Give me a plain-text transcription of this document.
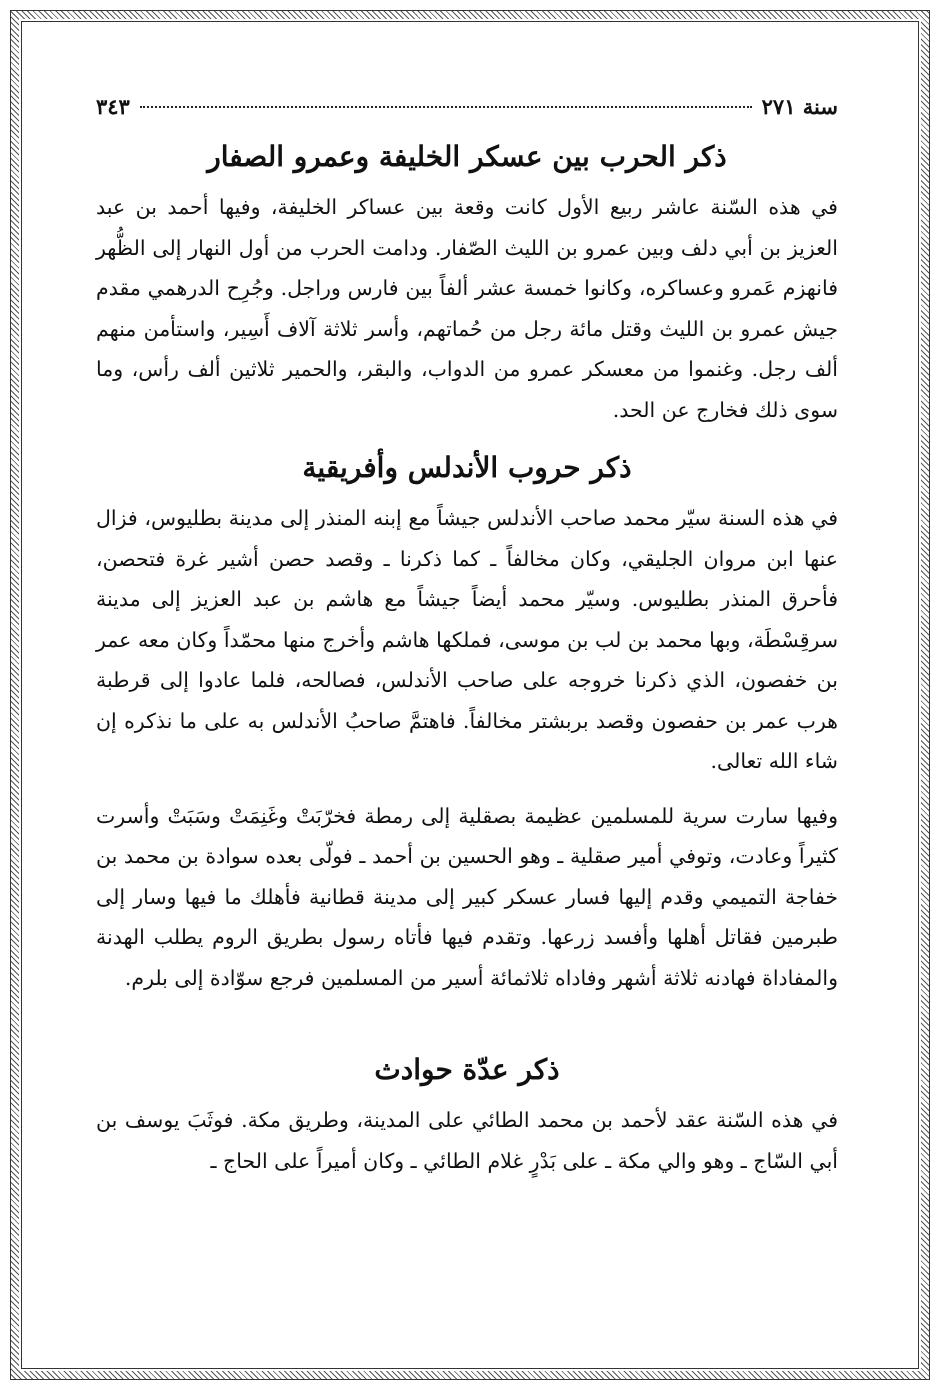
سنة ٢٧١
٣٤٣
ذكر الحرب بين عسكر الخليفة وعمرو الصفار

في هذه السّنة عاشر ربيع الأول كانت وقعة بين عساكر الخليفة، وفيها أحمد بن عبد العزيز بن أبي دلف وبين عمرو بن الليث الصّفار. ودامت الحرب من أول النهار إلى الظُّهر فانهزم عَمرو وعساكره، وكانوا خمسة عشر ألفاً بين فارس وراجل. وجُرِح الدرهمي مقدم جيش عمرو بن الليث وقتل مائة رجل من حُماتهم، وأسر ثلاثة آلاف أَسِير، واستأمن منهم ألف رجل. وغنموا من معسكر عمرو من الدواب، والبقر، والحمير ثلاثين ألف رأس، وما سوى ذلك فخارج عن الحد.

ذكر حروب الأندلس وأفريقية

في هذه السنة سيّر محمد صاحب الأندلس جيشاً مع إبنه المنذر إلى مدينة بطليوس، فزال عنها ابن مروان الجليقي، وكان مخالفاً ـ كما ذكرنا ـ وقصد حصن أشير غرة فتحصن، فأحرق المنذر بطليوس. وسيّر محمد أيضاً جيشاً مع هاشم بن عبد العزيز إلى مدينة سرقِسْطَة، وبها محمد بن لب بن موسى، فملكها هاشم وأخرج منها محمّداً وكان معه عمر بن خفصون، الذي ذكرنا خروجه على صاحب الأندلس، فصالحه، فلما عادوا إلى قرطبة هرب عمر بن حفصون وقصد بربشتر مخالفاً. فاهتمَّ صاحبُ الأندلس به على ما نذكره إن شاء الله تعالى.

وفيها سارت سرية للمسلمين عظيمة بصقلية إلى رمطة فخرّبَتْ وغَنِمَتْ وسَبَتْ وأسرت كثيراً وعادت، وتوفي أمير صقلية ـ وهو الحسين بن أحمد ـ فولّى بعده سوادة بن محمد بن خفاجة التميمي وقدم إليها فسار عسكر كبير إلى مدينة قطانية فأهلك ما فيها وسار إلى طبرمين فقاتل أهلها وأفسد زرعها. وتقدم فيها فأتاه رسول بطريق الروم يطلب الهدنة والمفاداة فهادنه ثلاثة أشهر وفاداه ثلاثمائة أسير من المسلمين فرجع سوّادة إلى بلرم.

ذكر عدّة حوادث

في هذه السّنة عقد لأحمد بن محمد الطائي على المدينة، وطريق مكة. فوثَبَ يوسف بن أبي السّاج ـ وهو والي مكة ـ على بَدْرٍ غلام الطائي ـ وكان أميراً على الحاج ـ
